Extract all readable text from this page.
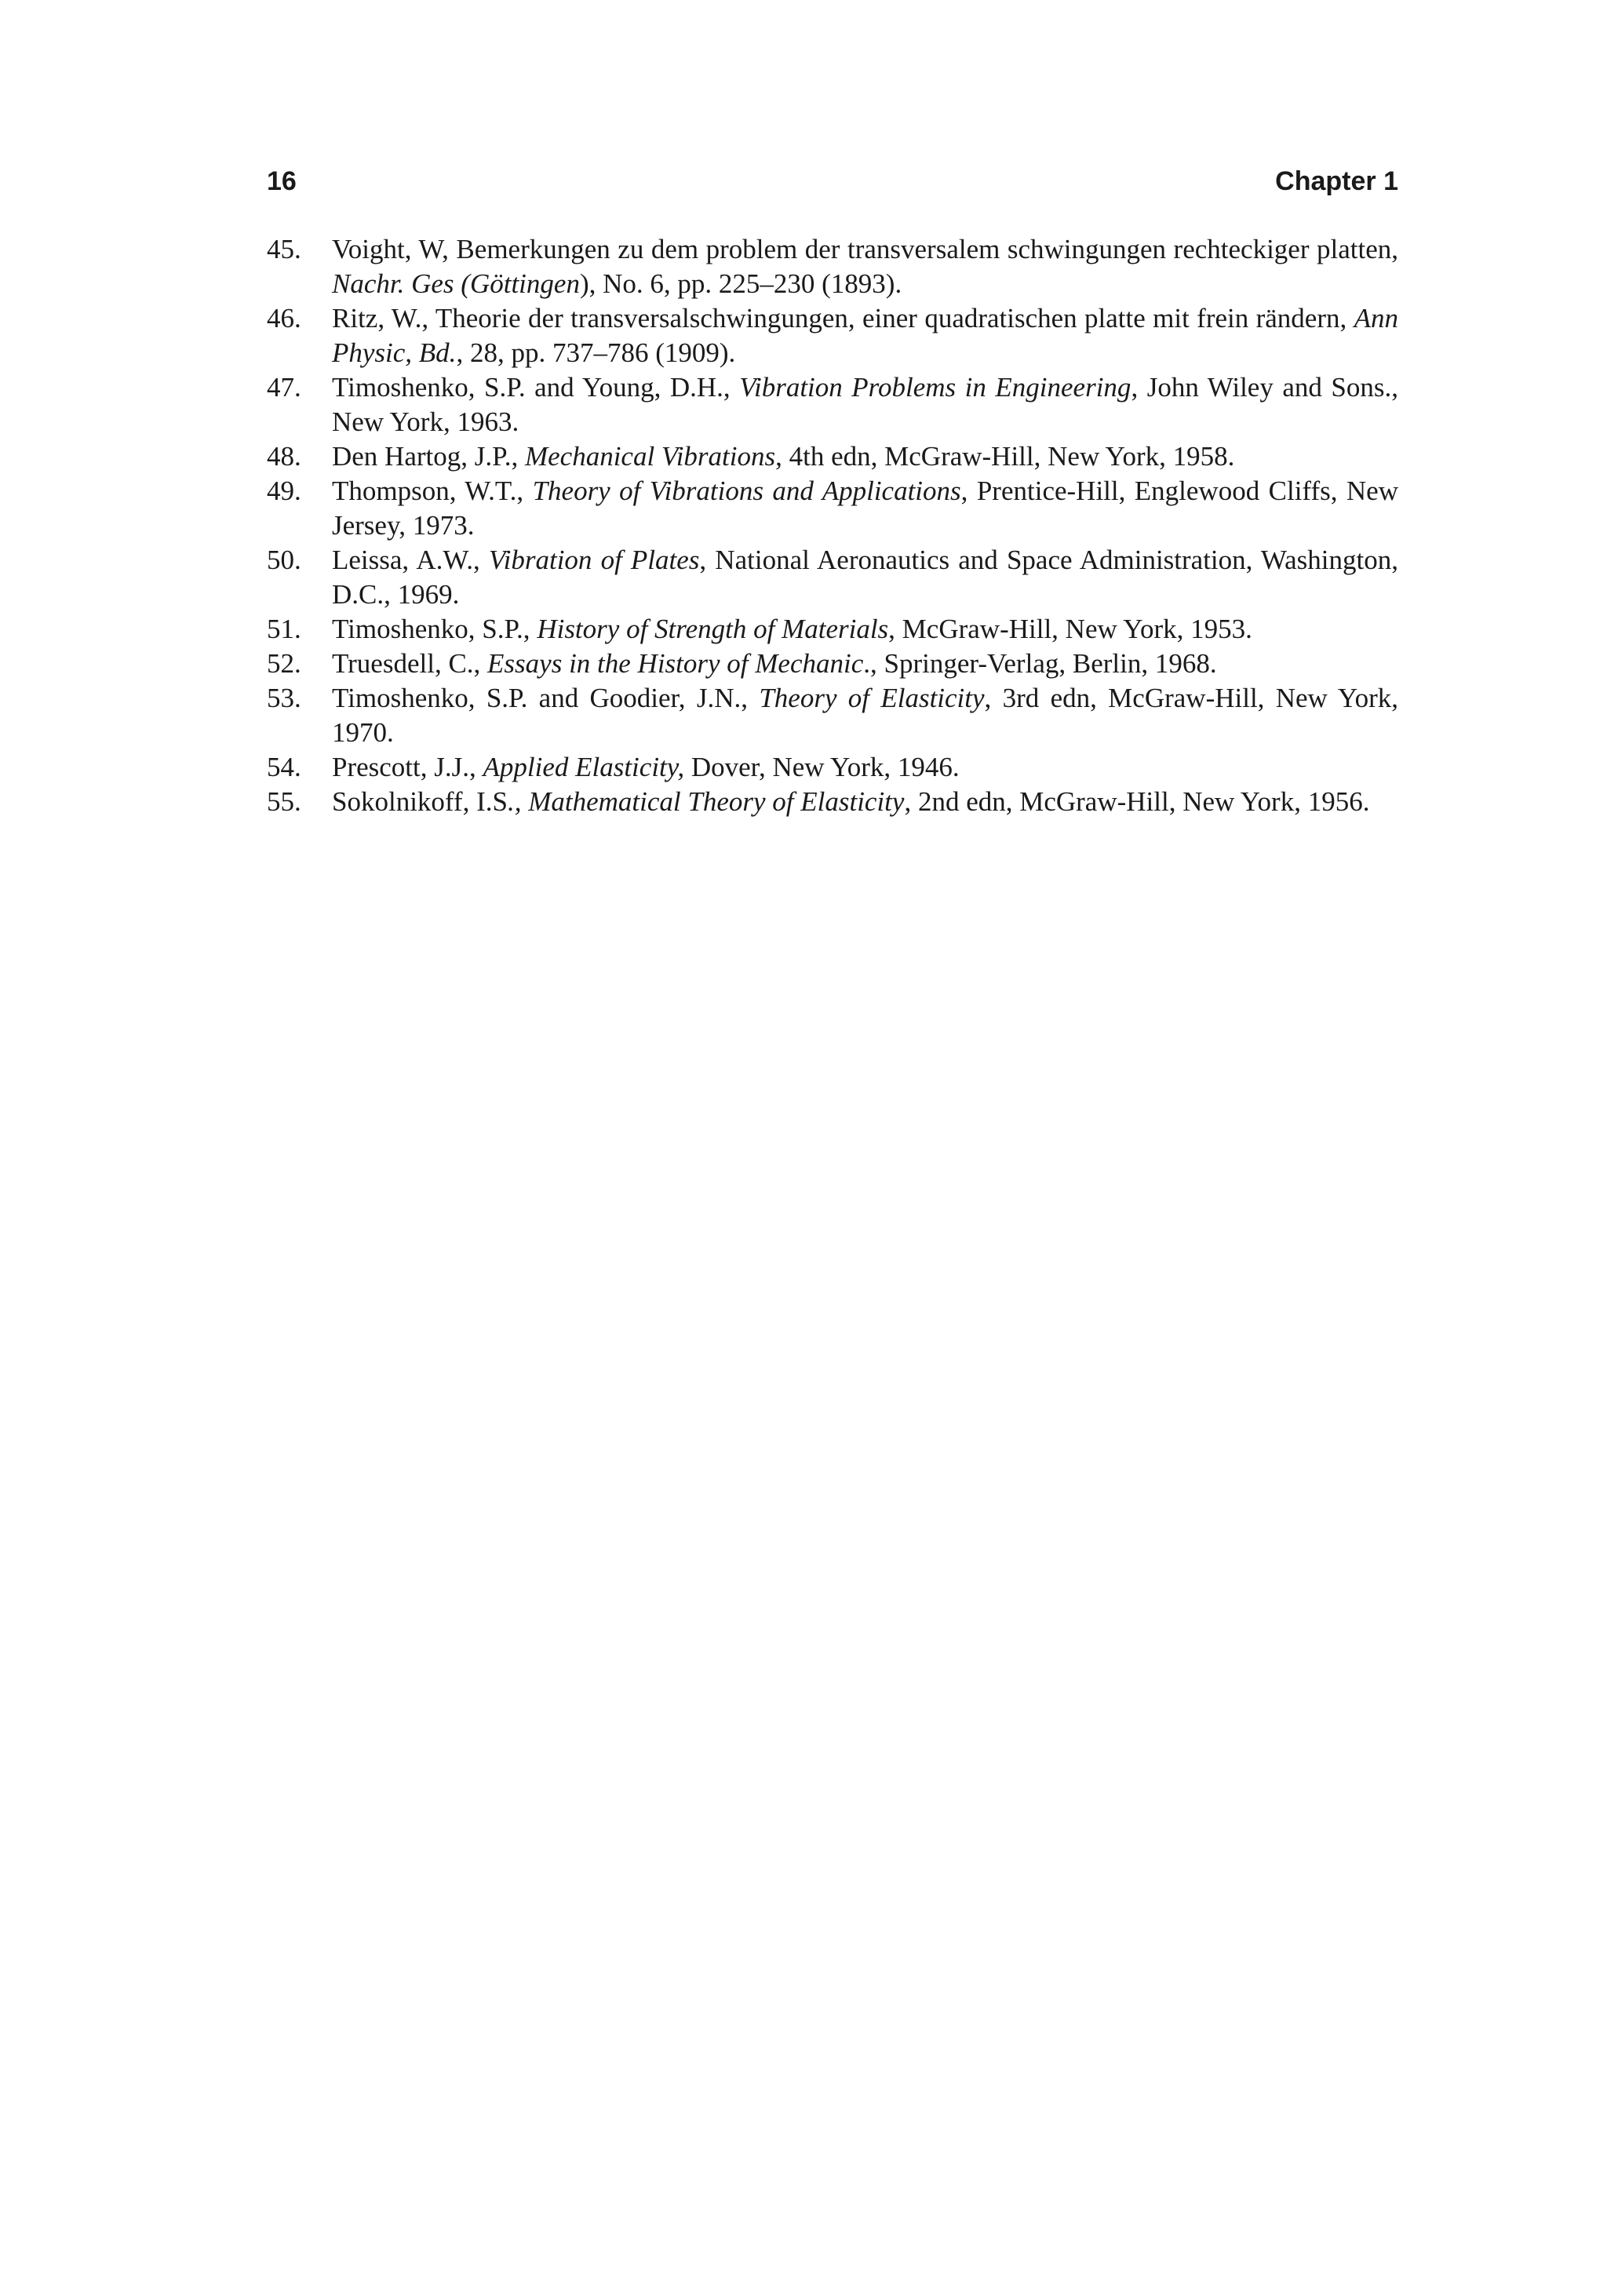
16	Chapter 1
45. Voight, W, Bemerkungen zu dem problem der transversalem schwingungen rechteckiger platten, Nachr. Ges (Göttingen), No. 6, pp. 225–230 (1893).
46. Ritz, W., Theorie der transversalschwingungen, einer quadratischen platte mit frein rändern, Ann Physic, Bd., 28, pp. 737–786 (1909).
47. Timoshenko, S.P. and Young, D.H., Vibration Problems in Engineering, John Wiley and Sons., New York, 1963.
48. Den Hartog, J.P., Mechanical Vibrations, 4th edn, McGraw-Hill, New York, 1958.
49. Thompson, W.T., Theory of Vibrations and Applications, Prentice-Hill, Englewood Cliffs, New Jersey, 1973.
50. Leissa, A.W., Vibration of Plates, National Aeronautics and Space Administration, Washington, D.C., 1969.
51. Timoshenko, S.P., History of Strength of Materials, McGraw-Hill, New York, 1953.
52. Truesdell, C., Essays in the History of Mechanic., Springer-Verlag, Berlin, 1968.
53. Timoshenko, S.P. and Goodier, J.N., Theory of Elasticity, 3rd edn, McGraw-Hill, New York, 1970.
54. Prescott, J.J., Applied Elasticity, Dover, New York, 1946.
55. Sokolnikoff, I.S., Mathematical Theory of Elasticity, 2nd edn, McGraw-Hill, New York, 1956.
